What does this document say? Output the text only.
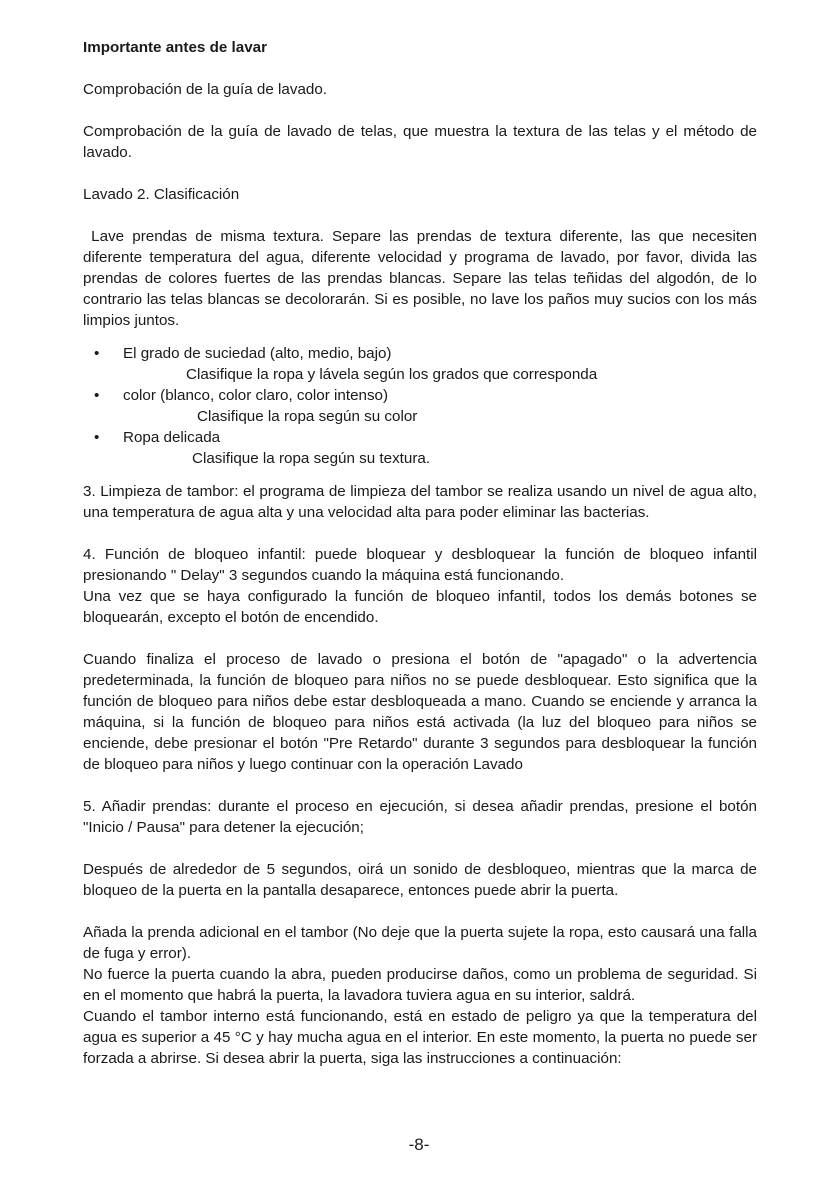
Importante antes de lavar

Comprobación de la guía de lavado.

Comprobación de la guía de lavado de telas, que muestra la textura de las telas y el método de lavado.

Lavado 2. Clasificación

Lave prendas de misma textura. Separe las prendas de textura diferente, las que necesiten diferente temperatura del agua, diferente velocidad y programa de lavado, por favor, divida las prendas de colores fuertes de las prendas blancas. Separe las telas teñidas del algodón, de lo contrario las telas blancas se decolorarán. Si es posible, no lave los paños muy sucios con los más limpios juntos.

• El grado de suciedad (alto, medio, bajo)
Clasifique la ropa y lávela según los grados que corresponda
• color (blanco, color claro, color intenso)
Clasifique la ropa según su color
• Ropa delicada
Clasifique la ropa según su textura.

3. Limpieza de tambor: el programa de limpieza del tambor se realiza usando un nivel de agua alto, una temperatura de agua alta y una velocidad alta para poder eliminar las bacterias.

4. Función de bloqueo infantil: puede bloquear y desbloquear la función de bloqueo infantil presionando " Delay" 3 segundos cuando la máquina está funcionando.

Una vez que se haya configurado la función de bloqueo infantil, todos los demás botones se bloquearán, excepto el botón de encendido.

Cuando finaliza el proceso de lavado o presiona el botón de "apagado" o la advertencia predeterminada, la función de bloqueo para niños no se puede desbloquear. Esto significa que la función de bloqueo para niños debe estar desbloqueada a mano. Cuando se enciende y arranca la máquina, si la función de bloqueo para niños está activada (la luz del bloqueo para niños se enciende, debe presionar el botón "Pre Retardo" durante 3 segundos para desbloquear la función de bloqueo para niños y luego continuar con la operación Lavado

5. Añadir prendas: durante el proceso en ejecución, si desea añadir prendas, presione el botón "Inicio / Pausa" para detener la ejecución;

Después de alrededor de 5 segundos, oirá un sonido de desbloqueo, mientras que la marca de bloqueo de la puerta en la pantalla desaparece, entonces puede abrir la puerta.

Añada la prenda adicional en el tambor (No deje que la puerta sujete la ropa, esto causará una falla de fuga y error).

No fuerce la puerta cuando la abra, pueden producirse daños, como un problema de seguridad. Si en el momento que habrá la puerta, la lavadora tuviera agua en su interior, saldrá.

Cuando el tambor interno está funcionando, está en estado de peligro ya que la temperatura del agua es superior a 45 °C y hay mucha agua en el interior. En este momento, la puerta no puede ser forzada a abrirse. Si desea abrir la puerta, siga las instrucciones a continuación:

-8-
